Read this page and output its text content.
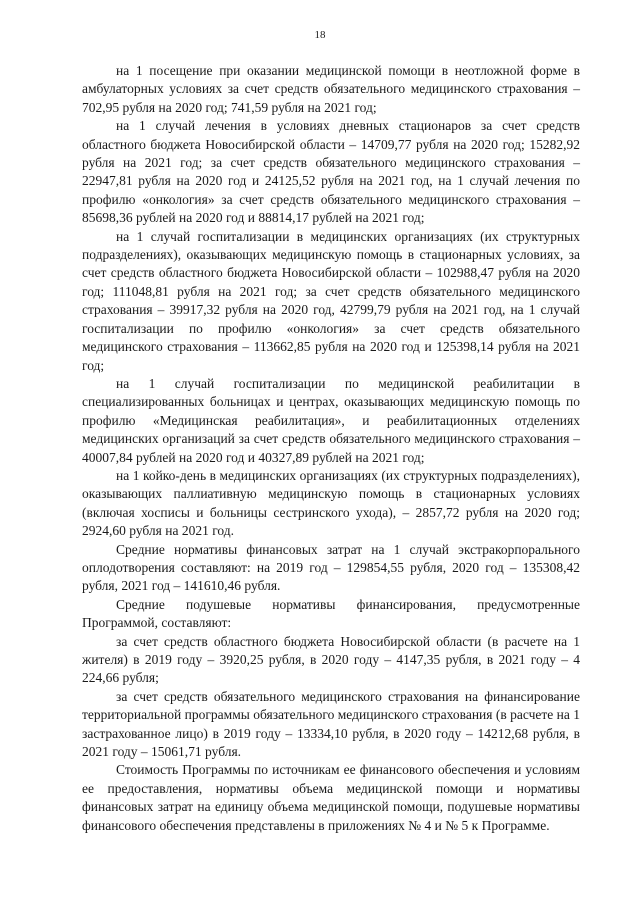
18

на 1 посещение при оказании медицинской помощи в неотложной форме в амбулаторных условиях за счет средств обязательного медицинского страхования – 702,95 рубля на 2020 год; 741,59 рубля на 2021 год;

на 1 случай лечения в условиях дневных стационаров за счет средств областного бюджета Новосибирской области – 14709,77 рубля на 2020 год; 15282,92 рубля на 2021 год; за счет средств обязательного медицинского страхования – 22947,81 рубля на 2020 год и 24125,52 рубля на 2021 год, на 1 случай лечения по профилю «онкология» за счет средств обязательного медицинского страхования – 85698,36 рублей на 2020 год и 88814,17 рублей на 2021 год;

на 1 случай госпитализации в медицинских организациях (их структурных подразделениях), оказывающих медицинскую помощь в стационарных условиях, за счет средств областного бюджета Новосибирской области – 102988,47 рубля на 2020 год; 111048,81 рубля на 2021 год; за счет средств обязательного медицинского страхования – 39917,32 рубля на 2020 год, 42799,79 рубля на 2021 год, на 1 случай госпитализации по профилю «онкология» за счет средств обязательного медицинского страхования – 113662,85 рубля на 2020 год и 125398,14 рубля на 2021 год;

на 1 случай госпитализации по медицинской реабилитации в специализированных больницах и центрах, оказывающих медицинскую помощь по профилю «Медицинская реабилитация», и реабилитационных отделениях медицинских организаций за счет средств обязательного медицинского страхования – 40007,84 рублей на 2020 год и 40327,89 рублей на 2021 год;

на 1 койко-день в медицинских организациях (их структурных подразделениях), оказывающих паллиативную медицинскую помощь в стационарных условиях (включая хосписы и больницы сестринского ухода), – 2857,72 рубля на 2020 год; 2924,60 рубля на 2021 год.

Средние нормативы финансовых затрат на 1 случай экстракорпорального оплодотворения составляют: на 2019 год – 129854,55 рубля, 2020 год – 135308,42 рубля, 2021 год – 141610,46 рубля.

Средние подушевые нормативы финансирования, предусмотренные Программой, составляют:

за счет средств областного бюджета Новосибирской области (в расчете на 1 жителя) в 2019 году – 3920,25 рубля, в 2020 году – 4147,35 рубля, в 2021 году – 4 224,66 рубля;

за счет средств обязательного медицинского страхования на финансирование территориальной программы обязательного медицинского страхования (в расчете на 1 застрахованное лицо) в 2019 году – 13334,10 рубля, в 2020 году – 14212,68 рубля, в 2021 году – 15061,71 рубля.

Стоимость Программы по источникам ее финансового обеспечения и условиям ее предоставления, нормативы объема медицинской помощи и нормативы финансовых затрат на единицу объема медицинской помощи, подушевые нормативы финансового обеспечения представлены в приложениях № 4 и № 5 к Программе.
